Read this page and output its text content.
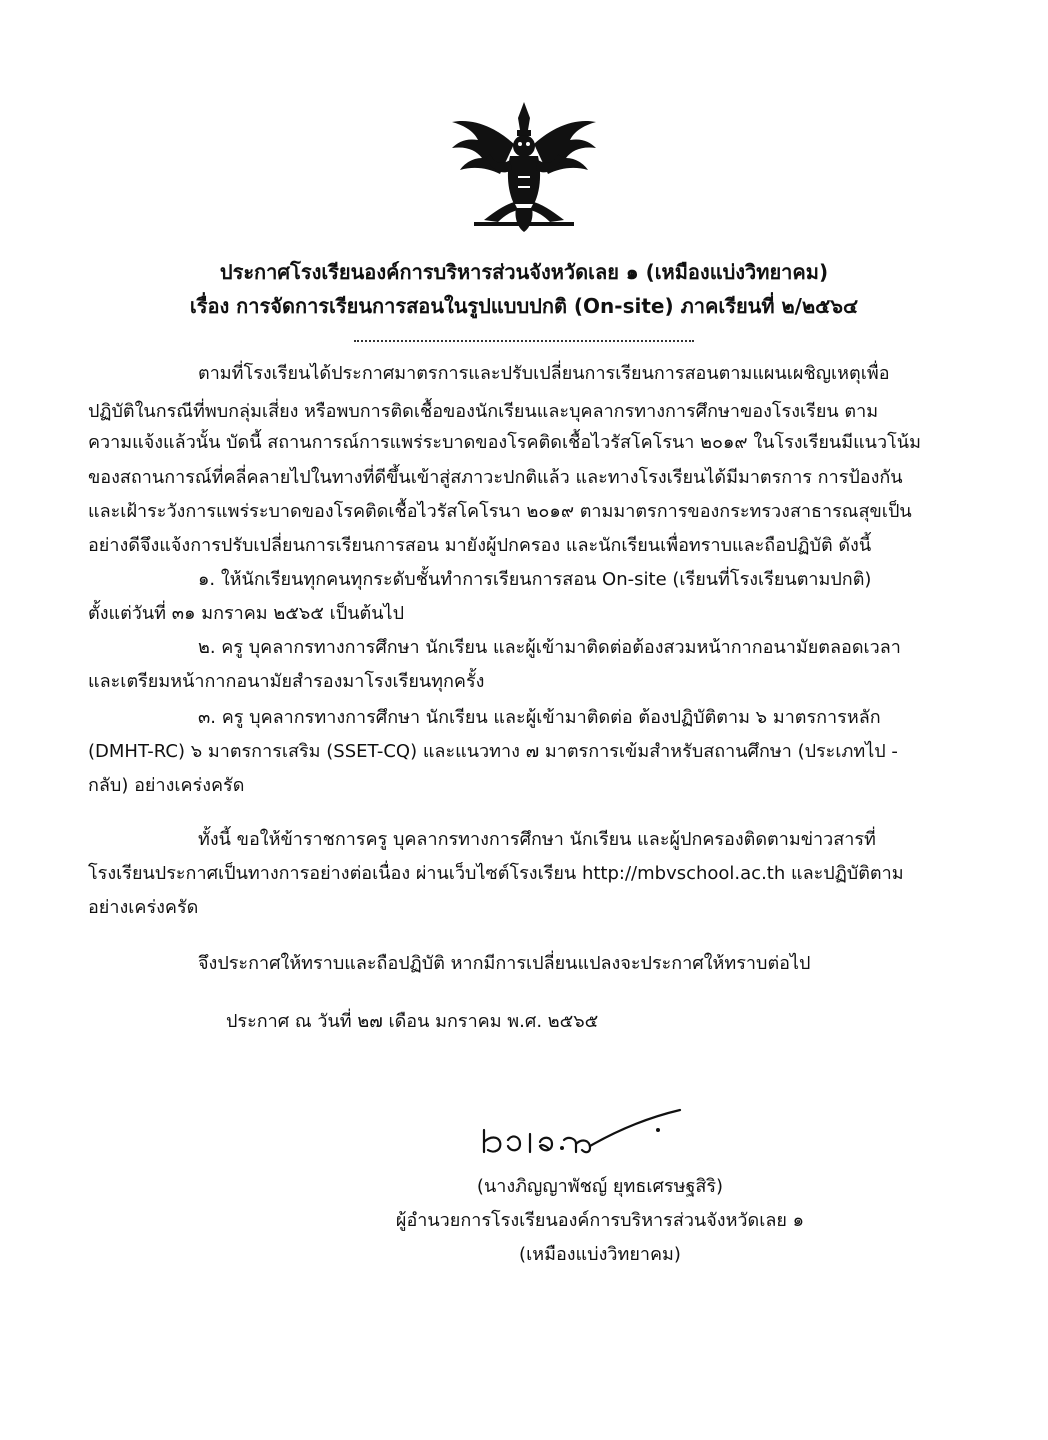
ประกาศโรงเรียนองค์การบริหารส่วนจังหวัดเลย ๑ (เหมืองแบ่งวิทยาคม)
เรื่อง การจัดการเรียนการสอนในรูปแบบปกติ (On-site) ภาคเรียนที่ ๒/๒๕๖๔
ตามที่โรงเรียนได้ประกาศมาตรการและปรับเปลี่ยนการเรียนการสอนตามแผนเผชิญเหตุเพื่อ
ปฏิบัติในกรณีที่พบกลุ่มเสี่ยง หรือพบการติดเชื้อของนักเรียนและบุคลากรทางการศึกษาของโรงเรียน ตาม
ความแจ้งแล้วนั้น บัดนี้ สถานการณ์การแพร่ระบาดของโรคติดเชื้อไวรัสโคโรนา ๒๐๑๙ ในโรงเรียนมีแนวโน้ม
ของสถานการณ์ที่คลี่คลายไปในทางที่ดีขึ้นเข้าสู่สภาวะปกติแล้ว และทางโรงเรียนได้มีมาตรการ การป้องกัน
และเฝ้าระวังการแพร่ระบาดของโรคติดเชื้อไวรัสโคโรนา ๒๐๑๙ ตามมาตรการของกระทรวงสาธารณสุขเป็น
อย่างดีจึงแจ้งการปรับเปลี่ยนการเรียนการสอน มายังผู้ปกครอง และนักเรียนเพื่อทราบและถือปฏิบัติ ดังนี้
๑. ให้นักเรียนทุกคนทุกระดับชั้นทำการเรียนการสอน On-site (เรียนที่โรงเรียนตามปกติ)
ตั้งแต่วันที่ ๓๑ มกราคม ๒๕๖๕ เป็นต้นไป
๒. ครู บุคลากรทางการศึกษา นักเรียน และผู้เข้ามาติดต่อต้องสวมหน้ากากอนามัยตลอดเวลา
และเตรียมหน้ากากอนามัยสำรองมาโรงเรียนทุกครั้ง
๓. ครู บุคลากรทางการศึกษา นักเรียน และผู้เข้ามาติดต่อ ต้องปฏิบัติตาม ๖ มาตรการหลัก
(DMHT-RC) ๖ มาตรการเสริม (SSET-CQ) และแนวทาง ๗ มาตรการเข้มสำหรับสถานศึกษา (ประเภทไป -
กลับ) อย่างเคร่งครัด
ทั้งนี้ ขอให้ข้าราชการครู บุคลากรทางการศึกษา นักเรียน และผู้ปกครองติดตามข่าวสารที่
โรงเรียนประกาศเป็นทางการอย่างต่อเนื่อง ผ่านเว็บไซต์โรงเรียน http://mbvschool.ac.th และปฏิบัติตาม
อย่างเคร่งครัด
จึงประกาศให้ทราบและถือปฏิบัติ หากมีการเปลี่ยนแปลงจะประกาศให้ทราบต่อไป
ประกาศ ณ วันที่ ๒๗ เดือน มกราคม พ.ศ. ๒๕๖๕
(นางภิญญาพัชญ์ ยุทธเศรษฐสิริ)
ผู้อำนวยการโรงเรียนองค์การบริหารส่วนจังหวัดเลย ๑
(เหมืองแบ่งวิทยาคม)
